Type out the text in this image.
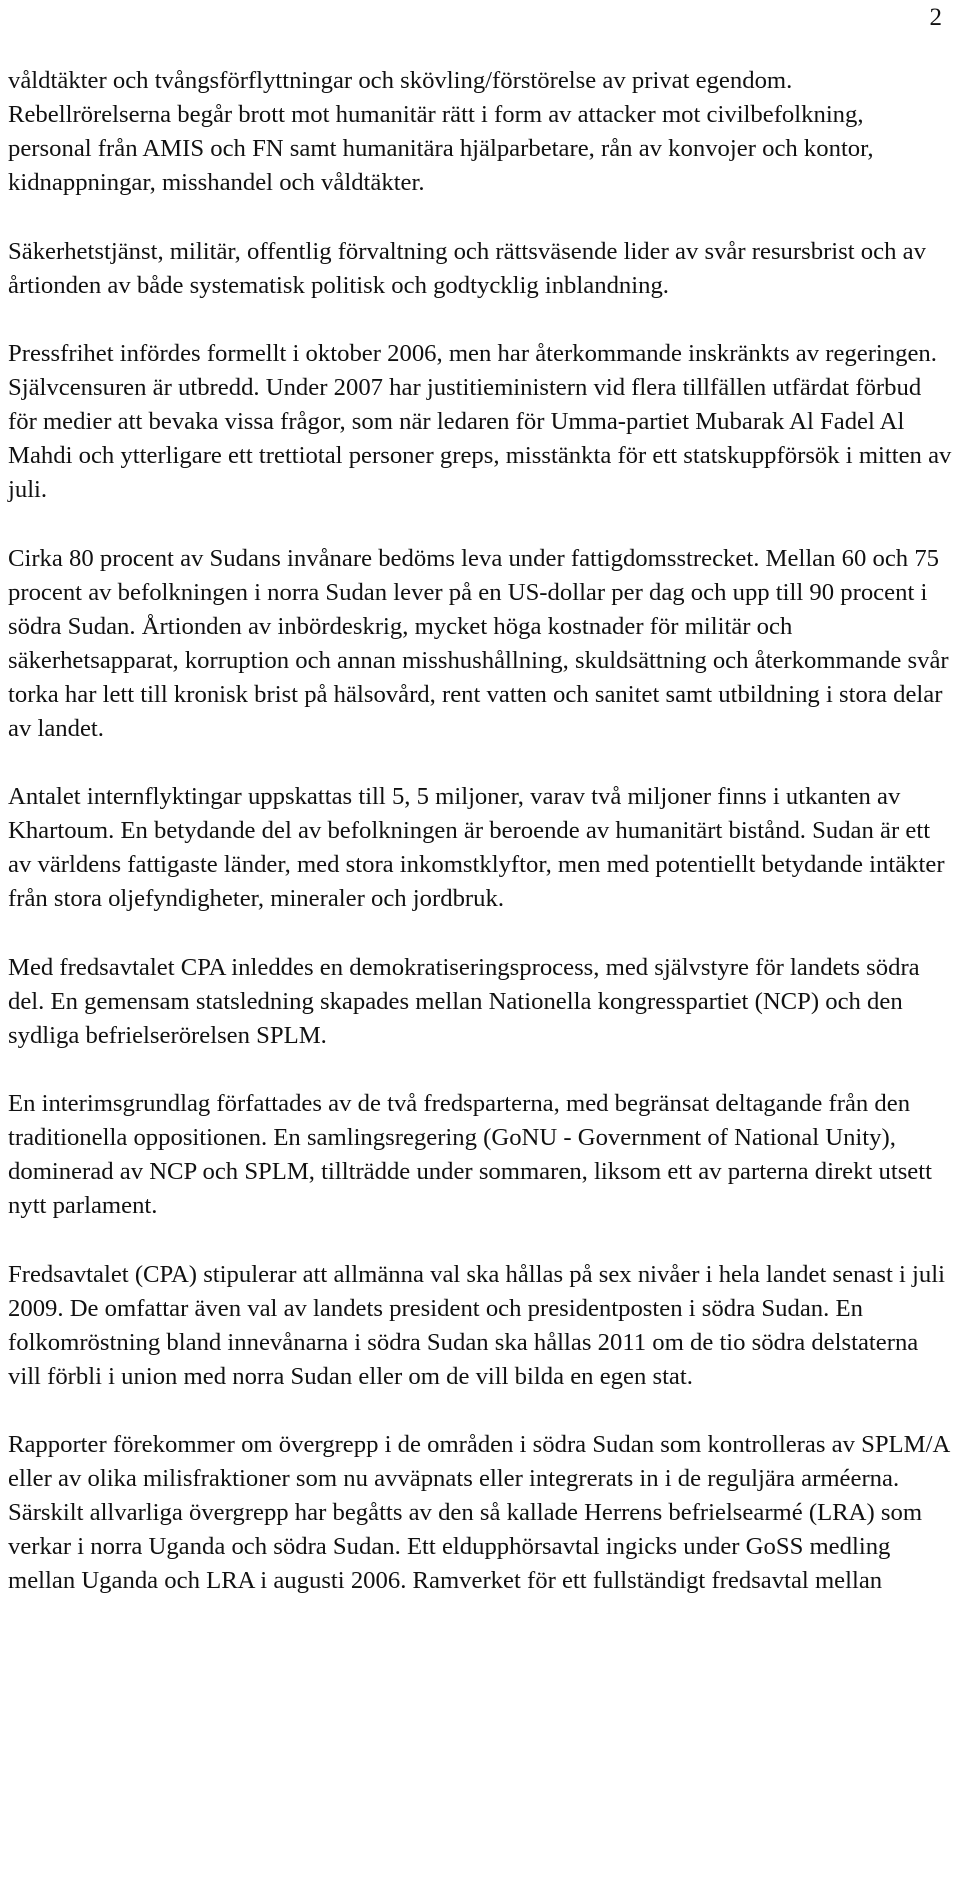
2

våldtäkter och tvångsförflyttningar och skövling/förstörelse av privat egendom. Rebellrörelserna begår brott mot humanitär rätt i form av attacker mot civilbefolkning, personal från AMIS och FN samt humanitära hjälparbetare, rån av konvojer och kontor, kidnappningar, misshandel och våldtäkter.

Säkerhetstjänst, militär, offentlig förvaltning och rättsväsende lider av svår resursbrist och av årtionden av både systematisk politisk och godtycklig inblandning.

Pressfrihet infördes formellt i oktober 2006, men har återkommande inskränkts av regeringen. Självcensuren är utbredd. Under 2007 har justitieministern vid flera tillfällen utfärdat förbud för medier att bevaka vissa frågor, som när ledaren för Umma-partiet Mubarak Al Fadel Al Mahdi och ytterligare ett trettiotal personer greps, misstänkta för ett statskuppförsök i mitten av juli.

Cirka 80 procent av Sudans invånare bedöms leva under fattigdomsstrecket. Mellan 60 och 75 procent av befolkningen i norra Sudan lever på en US-dollar per dag och upp till 90 procent i södra Sudan. Årtionden av inbördeskrig, mycket höga kostnader för militär och säkerhetsapparat, korruption och annan misshushållning, skuldsättning och återkommande svår torka har lett till kronisk brist på hälsovård, rent vatten och sanitet samt utbildning i stora delar av landet.

Antalet internflyktingar uppskattas till 5, 5 miljoner, varav två miljoner finns i utkanten av Khartoum. En betydande del av befolkningen är beroende av humanitärt bistånd. Sudan är ett av världens fattigaste länder, med stora inkomstklyftor, men med potentiellt betydande intäkter från stora oljefyndigheter, mineraler och jordbruk.

Med fredsavtalet CPA inleddes en demokratiseringsprocess, med självstyre för landets södra del. En gemensam statsledning skapades mellan Nationella kongresspartiet (NCP) och den sydliga befrielserörelsen SPLM.

En interimsgrundlag författades av de två fredsparterna, med begränsat deltagande från den traditionella oppositionen. En samlingsregering (GoNU - Government of National Unity), dominerad av NCP och SPLM, tillträdde under sommaren, liksom ett av parterna direkt utsett nytt parlament.

Fredsavtalet (CPA) stipulerar att allmänna val ska hållas på sex nivåer i hela landet senast i juli 2009. De omfattar även val av landets president och presidentposten i södra Sudan. En folkomröstning bland innevånarna i södra Sudan ska hållas 2011 om de tio södra delstaterna vill förbli i union med norra Sudan eller om de vill bilda en egen stat.

Rapporter förekommer om övergrepp i de områden i södra Sudan som kontrolleras av SPLM/A eller av olika milisfraktioner som nu avväpnats eller integrerats in i de reguljära arméerna. Särskilt allvarliga övergrepp har begåtts av den så kallade Herrens befrielsearmé (LRA) som verkar i norra Uganda och södra Sudan. Ett eldupphörsavtal ingicks under GoSS medling mellan Uganda och LRA i augusti 2006. Ramverket för ett fullständigt fredsavtal mellan
